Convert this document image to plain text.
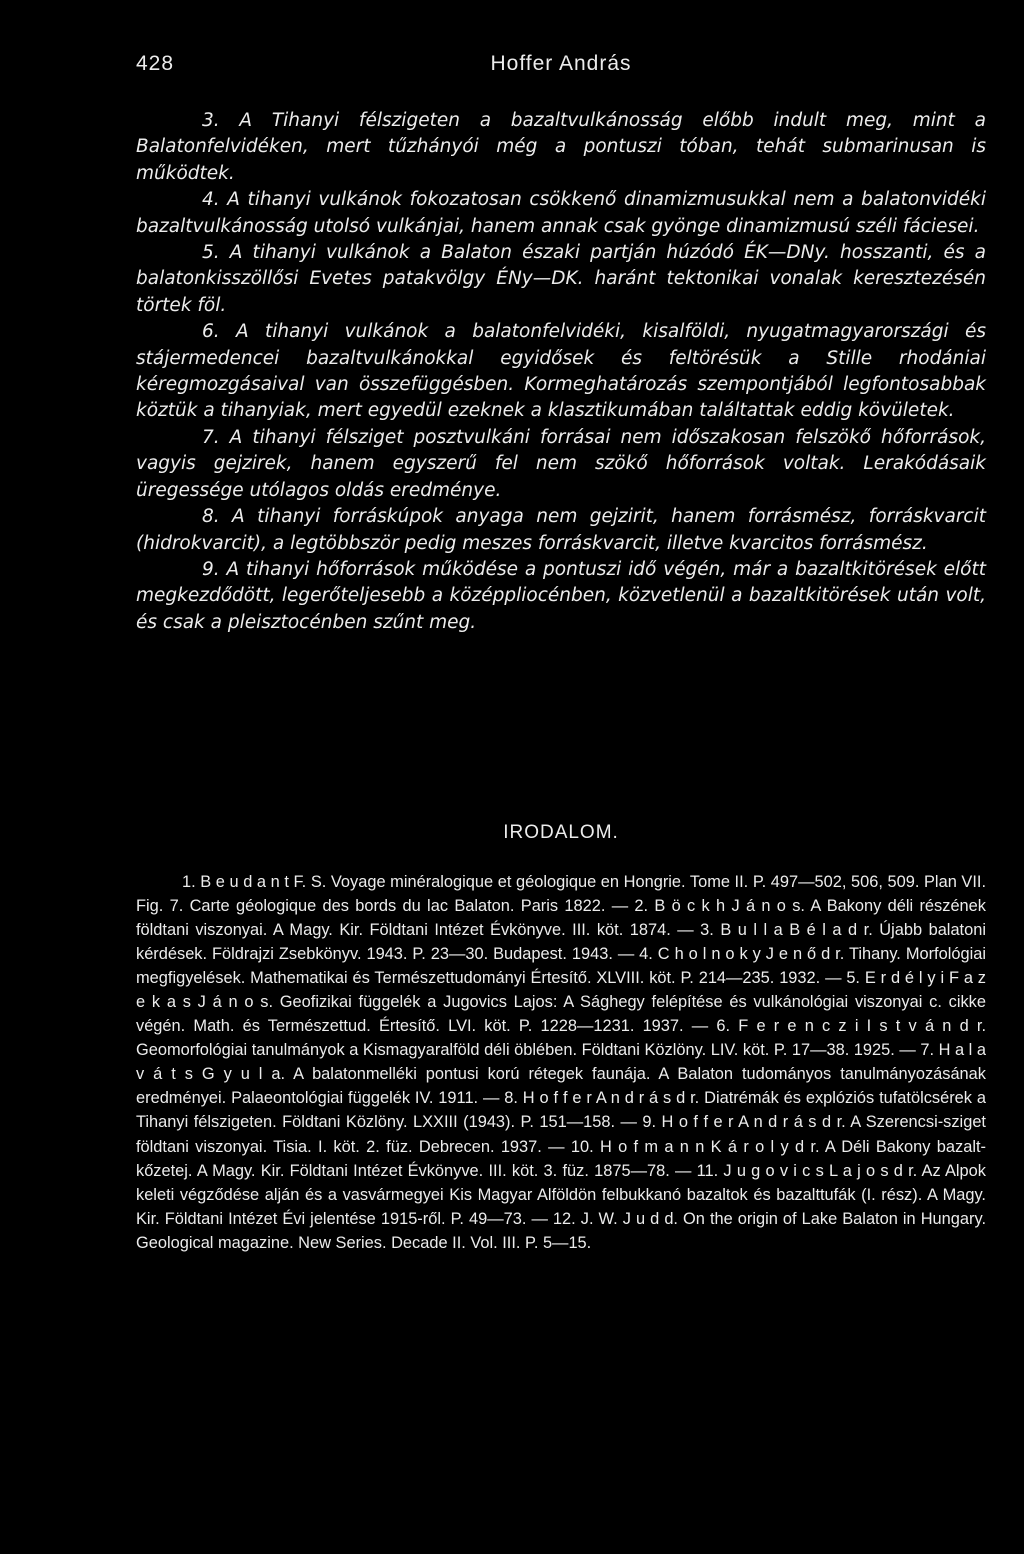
428	Hoffer András

3. A Tihanyi félszigeten a bazaltvulkánosság előbb indult meg, mint a Balatonfelvidéken, mert tűzhányói még a pontuszi tóban, tehát submarinusan is működtek.

4. A tihanyi vulkánok fokozatosan csökkenő dinamizmusukkal nem a balatonvidéki bazaltvulkánosság utolsó vulkánjai, hanem annak csak gyönge dinamizmusú széli fáciesei.

5. A tihanyi vulkánok a Balaton északi partján húzódó ÉK—DNy. hosszanti, és a balatonkisszöllősi Evetes patakvölgy ÉNy—DK. haránt tektonikai vonalak keresztezésén törtek föl.

6. A tihanyi vulkánok a balatonfelvidéki, kisalföldi, nyugatmagyarországi és stájermedencei bazaltvulkánokkal egyidősek és feltörésük a Stille rhodániai kéregmozgásaival van összefüggésben. Kormeghatározás szempontjából legfontosabbak köztük a tihanyiak, mert egyedül ezeknek a klasztikumában találtattak eddig kövületek.

7. A tihanyi félsziget posztvulkáni forrásai nem időszakosan felszökő hőforrások, vagyis gejzirek, hanem egyszerű fel nem szökő hőforrások voltak. Lerakódásaik üregessége utólagos oldás eredménye.

8. A tihanyi forráskúpok anyaga nem gejzirit, hanem forrásmész, forráskvarcit (hidrokvarcit), a legtöbbször pedig meszes forráskvarcit, illetve kvarcitos forrásmész.

9. A tihanyi hőforrások működése a pontuszi idő végén, már a bazaltkitörések előtt megkezdődött, legerőteljesebb a középpliocénben, közvetlenül a bazaltkitörések után volt, és csak a pleisztocénben szűnt meg.

IRODALOM.

1. B e u d a n t F. S. Voyage minéralogique et géologique en Hongrie. Tome II. P. 497—502, 506, 509. Plan VII. Fig. 7. Carte géologique des bords du lac Balaton. Paris 1822. — 2. B ö c k h J á n o s. A Bakony déli részének földtani viszonyai. A Magy. Kir. Földtani Intézet Évkönyve. III. köt. 1874. — 3. B u l l a B é l a d r. Újabb balatoni kérdések. Földrajzi Zsebkönyv. 1943. P. 23—30. Budapest. 1943. — 4. C h o l n o k y J e n ő d r. Tihany. Morfológiai megfigyelések. Mathematikai és Természettudományi Értesítő. XLVIII. köt. P. 214—235. 1932. — 5. E r d é l y i F a z e k a s J á n o s. Geofizikai függelék a Jugovics Lajos: A Sághegy felépítése és vulkánológiai viszonyai c. cikke végén. Math. és Természettud. Értesítő. LVI. köt. P. 1228—1231. 1937. — 6. F e r e n c z i I s t v á n d r. Geomorfológiai tanulmányok a Kismagyaralföld déli öblében. Földtani Közlöny. LIV. köt. P. 17—38. 1925. — 7. H a l a v á t s G y u l a. A balatonmelléki pontusi korú rétegek faunája. A Balaton tudományos tanulmányozásának eredményei. Palaeontológiai függelék IV. 1911. — 8. H o f f e r A n d r á s d r. Diatrémák és explóziós tufatölcsérek a Tihanyi félszigeten. Földtani Közlöny. LXXIII (1943). P. 151—158. — 9. H o f f e r A n d r á s d r. A Szerencsi-sziget földtani viszonyai. Tisia. I. köt. 2. füz. Debrecen. 1937. — 10. H o f m a n n K á r o l y d r. A Déli Bakony bazalt-kőzetej. A Magy. Kir. Földtani Intézet Évkönyve. III. köt. 3. füz. 1875—78. — 11. J u g o v i c s L a j o s d r. Az Alpok keleti végződése alján és a vasvármegyei Kis Magyar Alföldön felbukkanó bazaltok és bazalttufák (I. rész). A Magy. Kir. Földtani Intézet Évi jelentése 1915-ről. P. 49—73. — 12. J. W. J u d d. On the origin of Lake Balaton in Hungary. Geological magazine. New Series. Decade II. Vol. III. P. 5—15.
